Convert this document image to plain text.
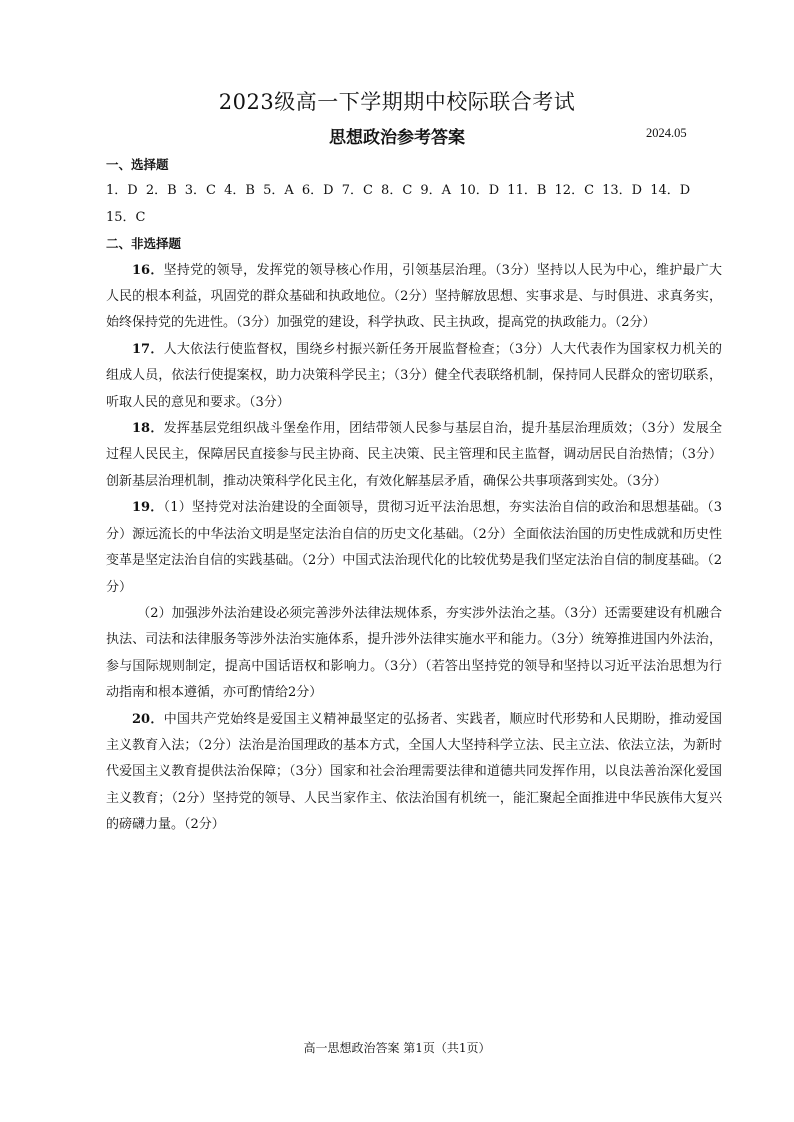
2023级高一下学期期中校际联合考试
思想政治参考答案	2024.05

一、选择题

1．D 2．B 3．C 4．B 5．A 6．D 7．C 8．C 9．A 10．D 11．B 12．C 13．D 14．D

15．C

二、非选择题

16．坚持党的领导，发挥党的领导核心作用，引领基层治理。（3分）坚持以人民为中心，维护最广大人民的根本利益，巩固党的群众基础和执政地位。（2分）坚持解放思想、实事求是、与时俱进、求真务实，始终保持党的先进性。（3分）加强党的建设，科学执政、民主执政，提高党的执政能力。（2分）

17．人大依法行使监督权，围绕乡村振兴新任务开展监督检查；（3分）人大代表作为国家权力机关的组成人员，依法行使提案权，助力决策科学民主；（3分）健全代表联络机制，保持同人民群众的密切联系，听取人民的意见和要求。（3分）

18．发挥基层党组织战斗堡垒作用，团结带领人民参与基层自治，提升基层治理质效；（3分）发展全过程人民民主，保障居民直接参与民主协商、民主决策、民主管理和民主监督，调动居民自治热情；（3分）创新基层治理机制，推动决策科学化民主化，有效化解基层矛盾，确保公共事项落到实处。（3分）

19．（1）坚持党对法治建设的全面领导，贯彻习近平法治思想，夯实法治自信的政治和思想基础。（3分）源远流长的中华法治文明是坚定法治自信的历史文化基础。（2分）全面依法治国的历史性成就和历史性变革是坚定法治自信的实践基础。（2分）中国式法治现代化的比较优势是我们坚定法治自信的制度基础。（2分）

（2）加强涉外法治建设必须完善涉外法律法规体系，夯实涉外法治之基。（3分）还需要建设有机融合执法、司法和法律服务等涉外法治实施体系，提升涉外法律实施水平和能力。（3分）统筹推进国内外法治，参与国际规则制定，提高中国话语权和影响力。（3分）（若答出坚持党的领导和坚持以习近平法治思想为行动指南和根本遵循，亦可酌情给2分）

20．中国共产党始终是爱国主义精神最坚定的弘扬者、实践者，顺应时代形势和人民期盼，推动爱国主义教育入法；（2分）法治是治国理政的基本方式，全国人大坚持科学立法、民主立法、依法立法，为新时代爱国主义教育提供法治保障；（3分）国家和社会治理需要法律和道德共同发挥作用，以良法善治深化爱国主义教育；（2分）坚持党的领导、人民当家作主、依法治国有机统一，能汇聚起全面推进中华民族伟大复兴的磅礴力量。（2分）

高一思想政治答案 第1页（共1页）
